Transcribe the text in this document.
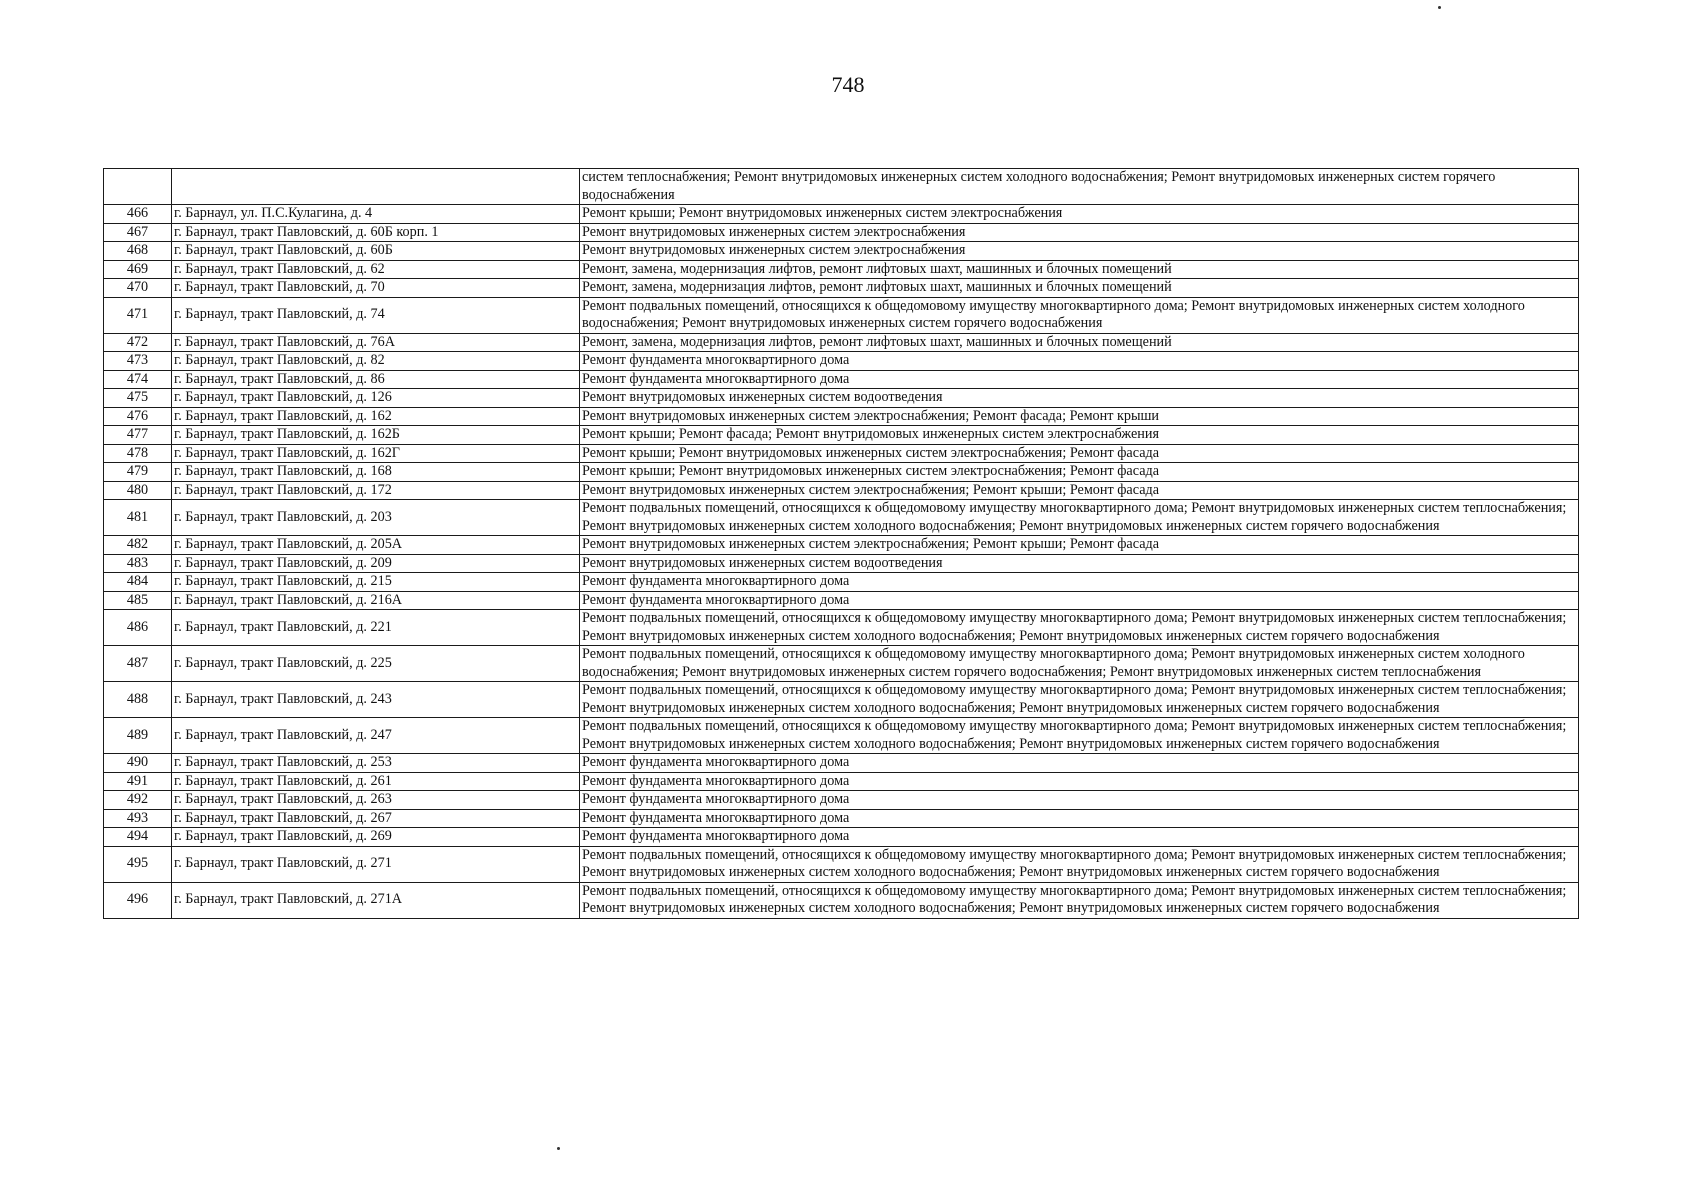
748
		систем теплоснабжения; Ремонт внутридомовых инженерных систем холодного водоснабжения; Ремонт внутридомовых инженерных систем горячего водоснабжения
466	г. Барнаул, ул. П.С.Кулагина, д. 4	Ремонт крыши; Ремонт внутридомовых инженерных систем электроснабжения
467	г. Барнаул, тракт Павловский, д. 60Б корп. 1	Ремонт внутридомовых инженерных систем электроснабжения
468	г. Барнаул, тракт Павловский, д. 60Б	Ремонт внутридомовых инженерных систем электроснабжения
469	г. Барнаул, тракт Павловский, д. 62	Ремонт, замена, модернизация лифтов, ремонт лифтовых шахт, машинных и блочных помещений
470	г. Барнаул, тракт Павловский, д. 70	Ремонт, замена, модернизация лифтов, ремонт лифтовых шахт, машинных и блочных помещений
471	г. Барнаул, тракт Павловский, д. 74	Ремонт подвальных помещений, относящихся к общедомовому имуществу многоквартирного дома; Ремонт внутридомовых инженерных систем холодного водоснабжения; Ремонт внутридомовых инженерных систем горячего водоснабжения
472	г. Барнаул, тракт Павловский, д. 76А	Ремонт, замена, модернизация лифтов, ремонт лифтовых шахт, машинных и блочных помещений
473	г. Барнаул, тракт Павловский, д. 82	Ремонт фундамента многоквартирного дома
474	г. Барнаул, тракт Павловский, д. 86	Ремонт фундамента многоквартирного дома
475	г. Барнаул, тракт Павловский, д. 126	Ремонт внутридомовых инженерных систем водоотведения
476	г. Барнаул, тракт Павловский, д. 162	Ремонт внутридомовых инженерных систем электроснабжения; Ремонт фасада; Ремонт крыши
477	г. Барнаул, тракт Павловский, д. 162Б	Ремонт крыши; Ремонт фасада; Ремонт внутридомовых инженерных систем электроснабжения
478	г. Барнаул, тракт Павловский, д. 162Г	Ремонт крыши; Ремонт внутридомовых инженерных систем электроснабжения; Ремонт фасада
479	г. Барнаул, тракт Павловский, д. 168	Ремонт крыши; Ремонт внутридомовых инженерных систем электроснабжения; Ремонт фасада
480	г. Барнаул, тракт Павловский, д. 172	Ремонт внутридомовых инженерных систем электроснабжения; Ремонт крыши; Ремонт фасада
481	г. Барнаул, тракт Павловский, д. 203	Ремонт подвальных помещений, относящихся к общедомовому имуществу многоквартирного дома; Ремонт внутридомовых инженерных систем теплоснабжения; Ремонт внутридомовых инженерных систем холодного водоснабжения; Ремонт внутридомовых инженерных систем горячего водоснабжения
482	г. Барнаул, тракт Павловский, д. 205А	Ремонт внутридомовых инженерных систем электроснабжения; Ремонт крыши; Ремонт фасада
483	г. Барнаул, тракт Павловский, д. 209	Ремонт внутридомовых инженерных систем водоотведения
484	г. Барнаул, тракт Павловский, д. 215	Ремонт фундамента многоквартирного дома
485	г. Барнаул, тракт Павловский, д. 216А	Ремонт фундамента многоквартирного дома
486	г. Барнаул, тракт Павловский, д. 221	Ремонт подвальных помещений, относящихся к общедомовому имуществу многоквартирного дома; Ремонт внутридомовых инженерных систем теплоснабжения; Ремонт внутридомовых инженерных систем холодного водоснабжения; Ремонт внутридомовых инженерных систем горячего водоснабжения
487	г. Барнаул, тракт Павловский, д. 225	Ремонт подвальных помещений, относящихся к общедомовому имуществу многоквартирного дома; Ремонт внутридомовых инженерных систем холодного водоснабжения; Ремонт внутридомовых инженерных систем горячего водоснабжения; Ремонт внутридомовых инженерных систем теплоснабжения
488	г. Барнаул, тракт Павловский, д. 243	Ремонт подвальных помещений, относящихся к общедомовому имуществу многоквартирного дома; Ремонт внутридомовых инженерных систем теплоснабжения; Ремонт внутридомовых инженерных систем холодного водоснабжения; Ремонт внутридомовых инженерных систем горячего водоснабжения
489	г. Барнаул, тракт Павловский, д. 247	Ремонт подвальных помещений, относящихся к общедомовому имуществу многоквартирного дома; Ремонт внутридомовых инженерных систем теплоснабжения; Ремонт внутридомовых инженерных систем холодного водоснабжения; Ремонт внутридомовых инженерных систем горячего водоснабжения
490	г. Барнаул, тракт Павловский, д. 253	Ремонт фундамента многоквартирного дома
491	г. Барнаул, тракт Павловский, д. 261	Ремонт фундамента многоквартирного дома
492	г. Барнаул, тракт Павловский, д. 263	Ремонт фундамента многоквартирного дома
493	г. Барнаул, тракт Павловский, д. 267	Ремонт фундамента многоквартирного дома
494	г. Барнаул, тракт Павловский, д. 269	Ремонт фундамента многоквартирного дома
495	г. Барнаул, тракт Павловский, д. 271	Ремонт подвальных помещений, относящихся к общедомовому имуществу многоквартирного дома; Ремонт внутридомовых инженерных систем теплоснабжения; Ремонт внутридомовых инженерных систем холодного водоснабжения; Ремонт внутридомовых инженерных систем горячего водоснабжения
496	г. Барнаул, тракт Павловский, д. 271А	Ремонт подвальных помещений, относящихся к общедомовому имуществу многоквартирного дома; Ремонт внутридомовых инженерных систем теплоснабжения; Ремонт внутридомовых инженерных систем холодного водоснабжения; Ремонт внутридомовых инженерных систем горячего водоснабжения
